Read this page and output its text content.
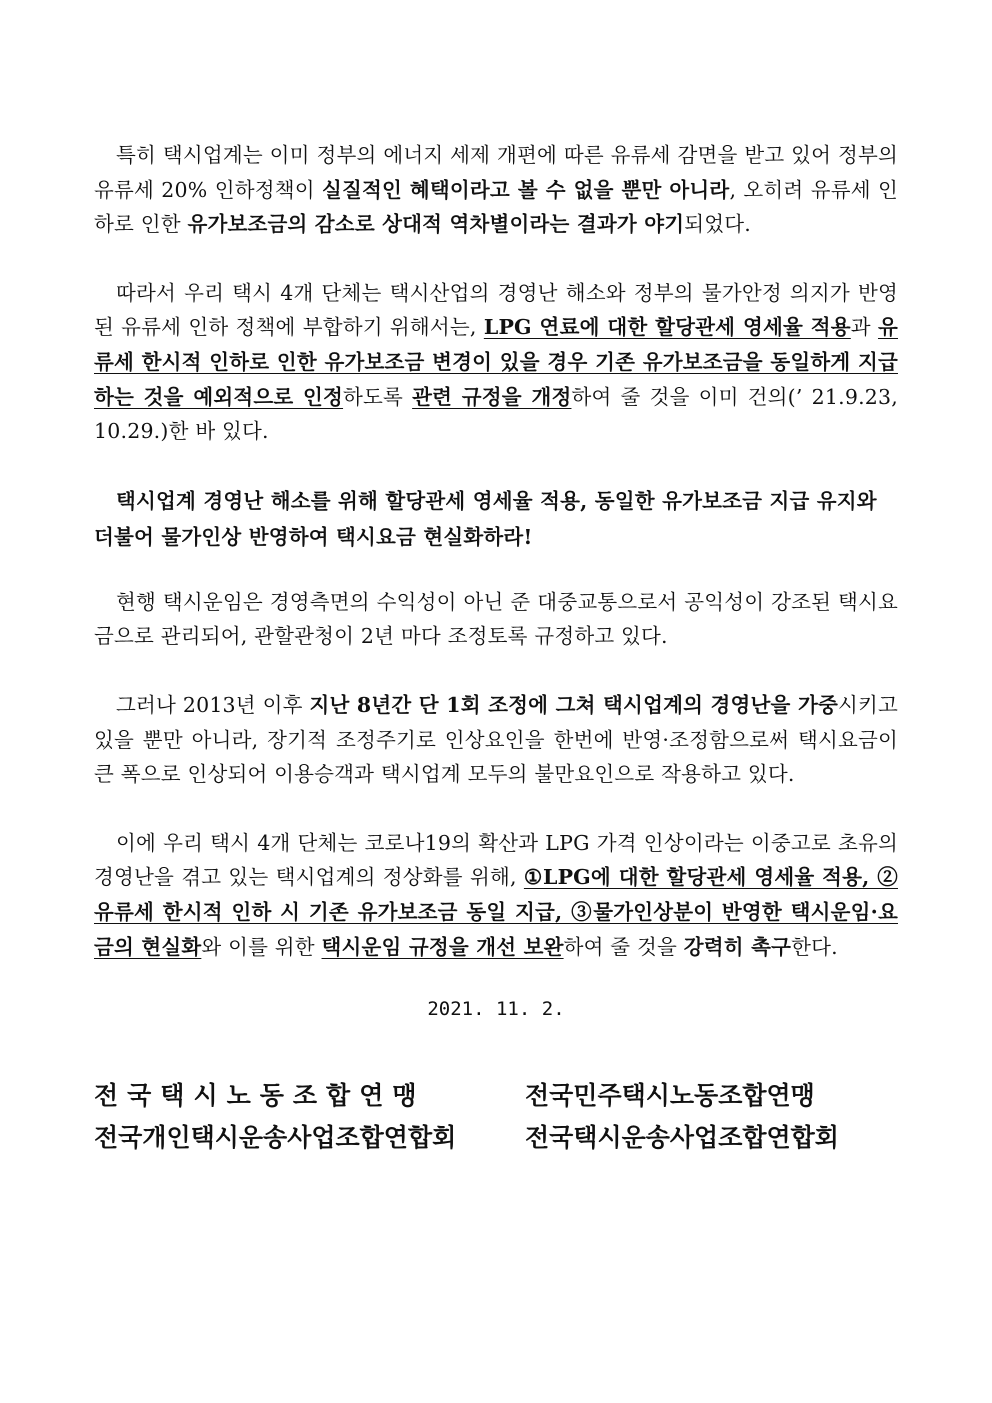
특히 택시업계는 이미 정부의 에너지 세제 개편에 따른 유류세 감면을 받고 있어 정부의 유류세 20% 인하정책이 실질적인 혜택이라고 볼 수 없을 뿐만 아니라, 오히려 유류세 인하로 인한 유가보조금의 감소로 상대적 역차별이라는 결과가 야기되었다.

따라서 우리 택시 4개 단체는 택시산업의 경영난 해소와 정부의 물가안정 의지가 반영된 유류세 인하 정책에 부합하기 위해서는, LPG 연료에 대한 할당관세 영세율 적용과 유류세 한시적 인하로 인한 유가보조금 변경이 있을 경우 기존 유가보조금을 동일하게 지급하는 것을 예외적으로 인정하도록 관련 규정을 개정하여 줄 것을 이미 건의(’ 21.9.23, 10.29.)한 바 있다.

택시업계 경영난 해소를 위해 할당관세 영세율 적용, 동일한 유가보조금 지급 유지와 더불어 물가인상 반영하여 택시요금 현실화하라!

현행 택시운임은 경영측면의 수익성이 아닌 준 대중교통으로서 공익성이 강조된 택시요금으로 관리되어, 관할관청이 2년 마다 조정토록 규정하고 있다.

그러나 2013년 이후 지난 8년간 단 1회 조정에 그쳐 택시업계의 경영난을 가중시키고 있을 뿐만 아니라, 장기적 조정주기로 인상요인을 한번에 반영·조정함으로써 택시요금이 큰 폭으로 인상되어 이용승객과 택시업계 모두의 불만요인으로 작용하고 있다.

이에 우리 택시 4개 단체는 코로나19의 확산과 LPG 가격 인상이라는 이중고로 초유의 경영난을 겪고 있는 택시업계의 정상화를 위해, ①LPG에 대한 할당관세 영세율 적용, ②유류세 한시적 인하 시 기존 유가보조금 동일 지급, ③물가인상분이 반영한 택시운임·요금의 현실화와 이를 위한 택시운임 규정을 개선 보완하여 줄 것을 강력히 촉구한다.

2021. 11. 2.
전국택시노동조합연맹	전국민주택시노동조합연맹
전국개인택시운송사업조합연합회	전국택시운송사업조합연합회
